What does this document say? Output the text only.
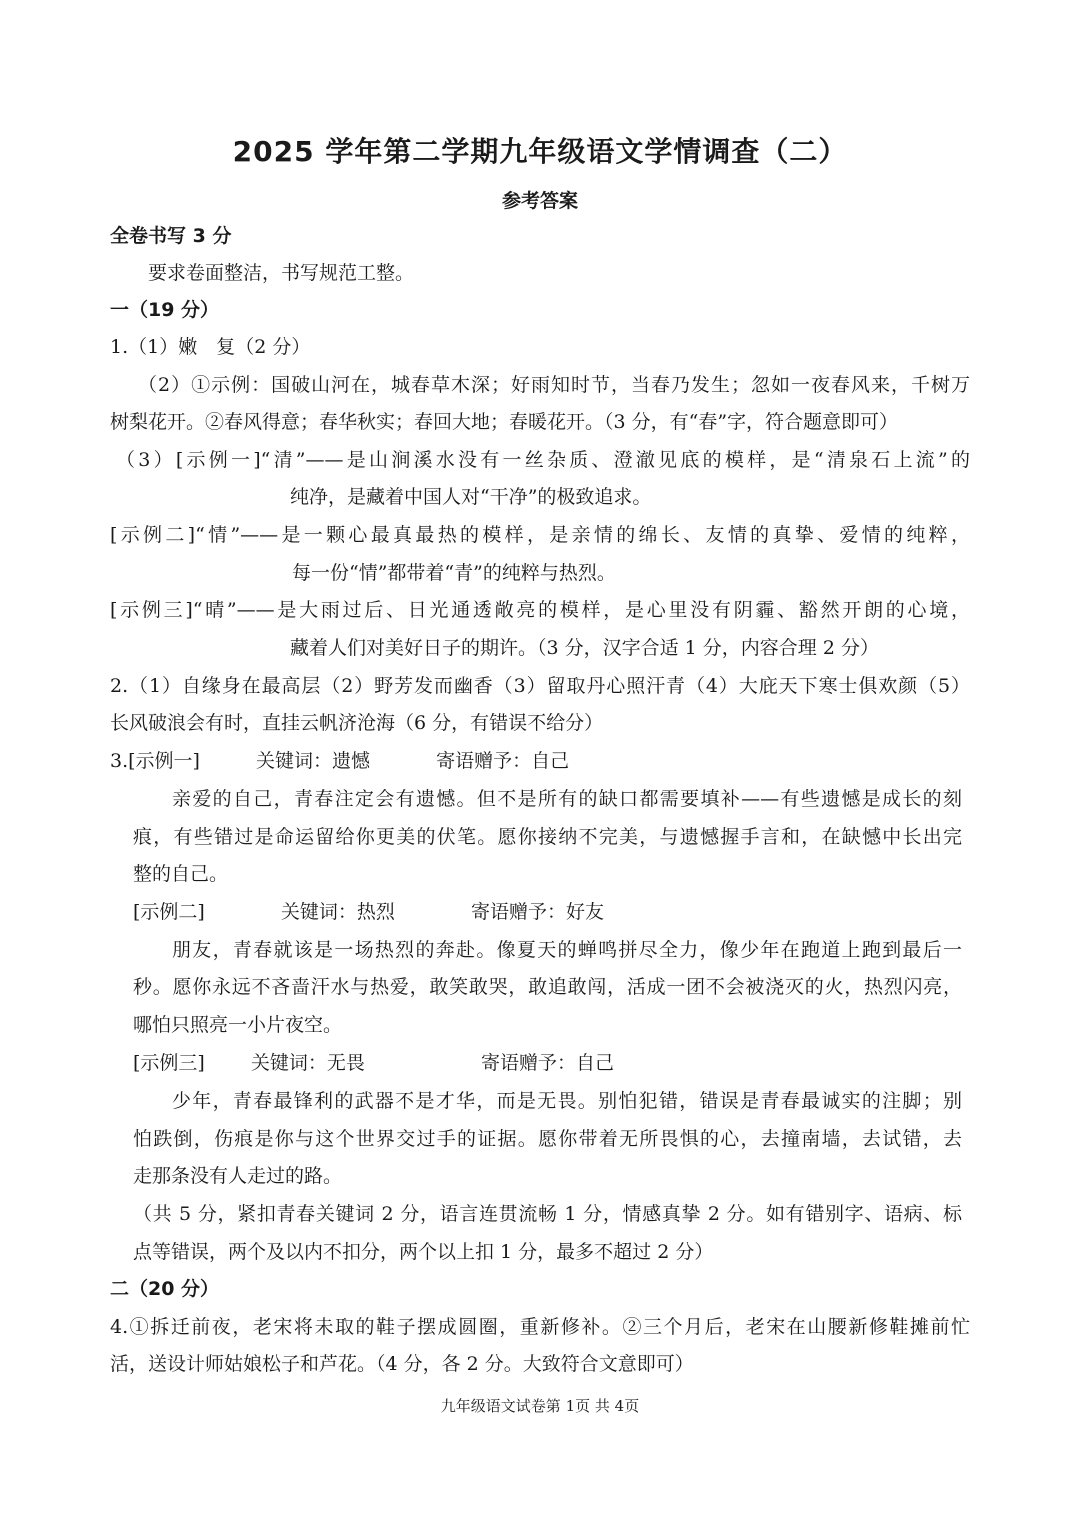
2025 学年第二学期九年级语文学情调查（二）
参考答案
全卷书写 3 分
要求卷面整洁，书写规范工整。
一（19 分）
1.（1）嫩　复（2 分）
（2）①示例：国破山河在，城春草木深；好雨知时节，当春乃发生；忽如一夜春风来，千树万
树梨花开。②春风得意；春华秋实；春回大地；春暖花开。（3 分，有“春”字，符合题意即可）
（3）[示例一]“清”——是山涧溪水没有一丝杂质、澄澈见底的模样，是“清泉石上流”的
纯净，是藏着中国人对“干净”的极致追求。
[示例二]“情”——是一颗心最真最热的模样，是亲情的绵长、友情的真挚、爱情的纯粹，
每一份“情”都带着“青”的纯粹与热烈。
[示例三]“晴”——是大雨过后、日光通透敞亮的模样，是心里没有阴霾、豁然开朗的心境，
藏着人们对美好日子的期许。（3 分，汉字合适 1 分，内容合理 2 分）
2.（1）自缘身在最高层（2）野芳发而幽香（3）留取丹心照汗青（4）大庇天下寒士俱欢颜（5）
长风破浪会有时，直挂云帆济沧海（6 分，有错误不给分）
3.[示例一]	关键词：遗憾	寄语赠予：自己
亲爱的自己，青春注定会有遗憾。但不是所有的缺口都需要填补——有些遗憾是成长的刻
痕，有些错过是命运留给你更美的伏笔。愿你接纳不完美，与遗憾握手言和，在缺憾中长出完
整的自己。
[示例二]	关键词：热烈	寄语赠予：好友
朋友，青春就该是一场热烈的奔赴。像夏天的蝉鸣拼尽全力，像少年在跑道上跑到最后一
秒。愿你永远不吝啬汗水与热爱，敢笑敢哭，敢追敢闯，活成一团不会被浇灭的火，热烈闪亮，
哪怕只照亮一小片夜空。
[示例三] 关键词：无畏	寄语赠予：自己
少年，青春最锋利的武器不是才华，而是无畏。别怕犯错，错误是青春最诚实的注脚；别
怕跌倒，伤痕是你与这个世界交过手的证据。愿你带着无所畏惧的心，去撞南墙，去试错，去
走那条没有人走过的路。
（共 5 分，紧扣青春关键词 2 分，语言连贯流畅 1 分，情感真挚 2 分。如有错别字、语病、标
点等错误，两个及以内不扣分，两个以上扣 1 分，最多不超过 2 分）
二（20 分）
4.①拆迁前夜，老宋将未取的鞋子摆成圆圈，重新修补。②三个月后，老宋在山腰新修鞋摊前忙
活，送设计师姑娘松子和芦花。（4 分，各 2 分。大致符合文意即可）
九年级语文试卷第 1页 共 4页
